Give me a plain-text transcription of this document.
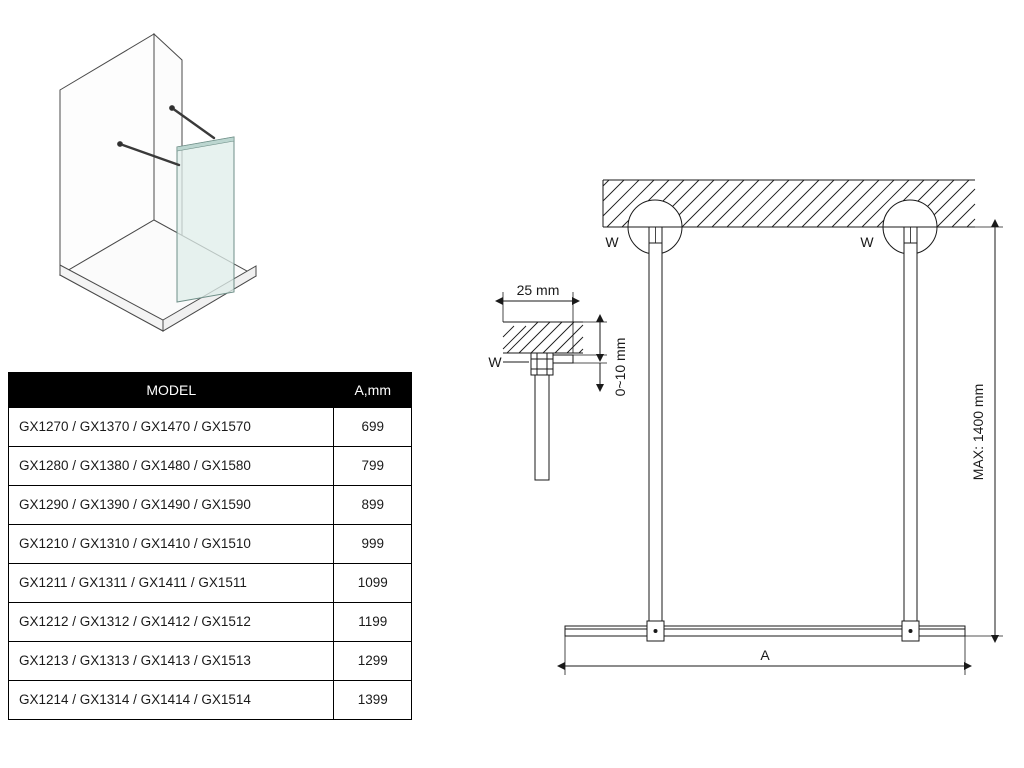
MODEL	A,mm
GX1270 / GX1370 / GX1470 / GX1570	699
GX1280 / GX1380 / GX1480 / GX1580	799
GX1290 / GX1390 / GX1490 / GX1590	899
GX1210 / GX1310 / GX1410 / GX1510	999
GX1211 / GX1311 / GX1411 / GX1511	1099
GX1212 / GX1312 / GX1412 / GX1512	1199
GX1213 / GX1313 / GX1413 / GX1513	1299
GX1214 / GX1314 / GX1414 / GX1514	1399
W
25 mm
0~10 mm
W	W
A
MAX: 1400 mm
